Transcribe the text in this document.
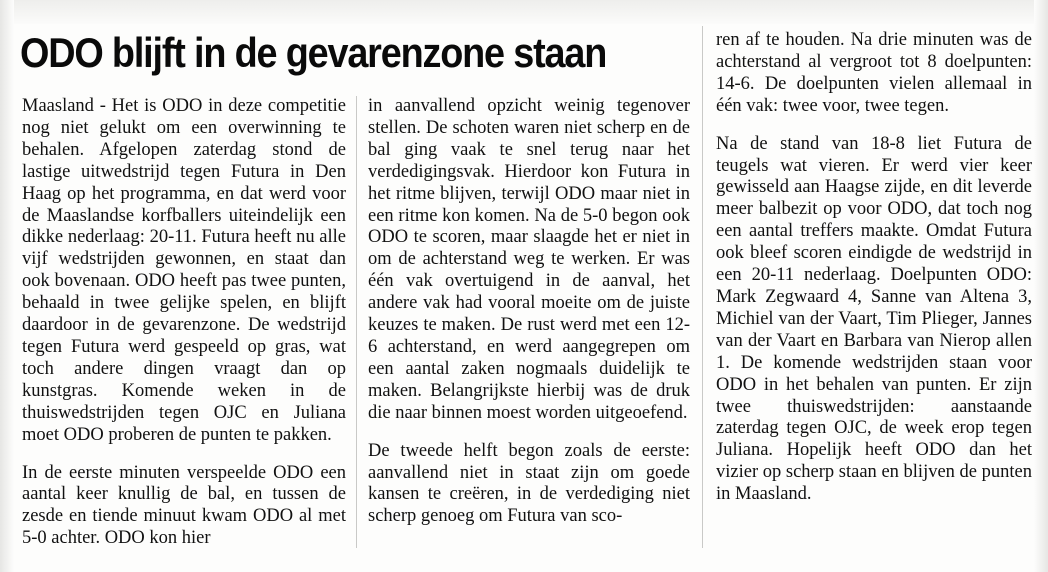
ODO blijft in de gevarenzone staan

Maasland - Het is ODO in deze competitie nog niet gelukt om een overwinning te behalen. Afgelopen zaterdag stond de lastige uitwedstrijd tegen Futura in Den Haag op het programma, en dat werd voor de Maaslandse korfballers uiteindelijk een dikke nederlaag: 20-11. Futura heeft nu alle vijf wedstrijden gewonnen, en staat dan ook bovenaan. ODO heeft pas twee punten, behaald in twee gelijke spelen, en blijft daardoor in de gevarenzone. De wedstrijd tegen Futura werd gespeeld op gras, wat toch andere dingen vraagt dan op kunstgras. Komende weken in de thuiswedstrijden tegen OJC en Juliana moet ODO proberen de punten te pakken.

In de eerste minuten verspeelde ODO een aantal keer knullig de bal, en tussen de zesde en tiende minuut kwam ODO al met 5-0 achter. ODO kon hier

in aanvallend opzicht weinig tegenover stellen. De schoten waren niet scherp en de bal ging vaak te snel terug naar het verdedigingsvak. Hierdoor kon Futura in het ritme blijven, terwijl ODO maar niet in een ritme kon komen. Na de 5-0 begon ook ODO te scoren, maar slaagde het er niet in om de achterstand weg te werken. Er was één vak overtuigend in de aanval, het andere vak had vooral moeite om de juiste keuzes te maken. De rust werd met een 12-6 achterstand, en werd aangegrepen om een aantal zaken nogmaals duidelijk te maken. Belangrijkste hierbij was de druk die naar binnen moest worden uitgeoefend.

De tweede helft begon zoals de eerste: aanvallend niet in staat zijn om goede kansen te creëren, in de verdediging niet scherp genoeg om Futura van sco-

ren af te houden. Na drie minuten was de achterstand al vergroot tot 8 doelpunten: 14-6. De doelpunten vielen allemaal in één vak: twee voor, twee tegen.

Na de stand van 18-8 liet Futura de teugels wat vieren. Er werd vier keer gewisseld aan Haagse zijde, en dit leverde meer balbezit op voor ODO, dat toch nog een aantal treffers maakte. Omdat Futura ook bleef scoren eindigde de wedstrijd in een 20-11 nederlaag. Doelpunten ODO: Mark Zegwaard 4, Sanne van Altena 3, Michiel van der Vaart, Tim Plieger, Jannes van der Vaart en Barbara van Nierop allen 1. De komende wedstrijden staan voor ODO in het behalen van punten. Er zijn twee thuiswedstrijden: aanstaande zaterdag tegen OJC, de week erop tegen Juliana. Hopelijk heeft ODO dan het vizier op scherp staan en blijven de punten in Maasland.
